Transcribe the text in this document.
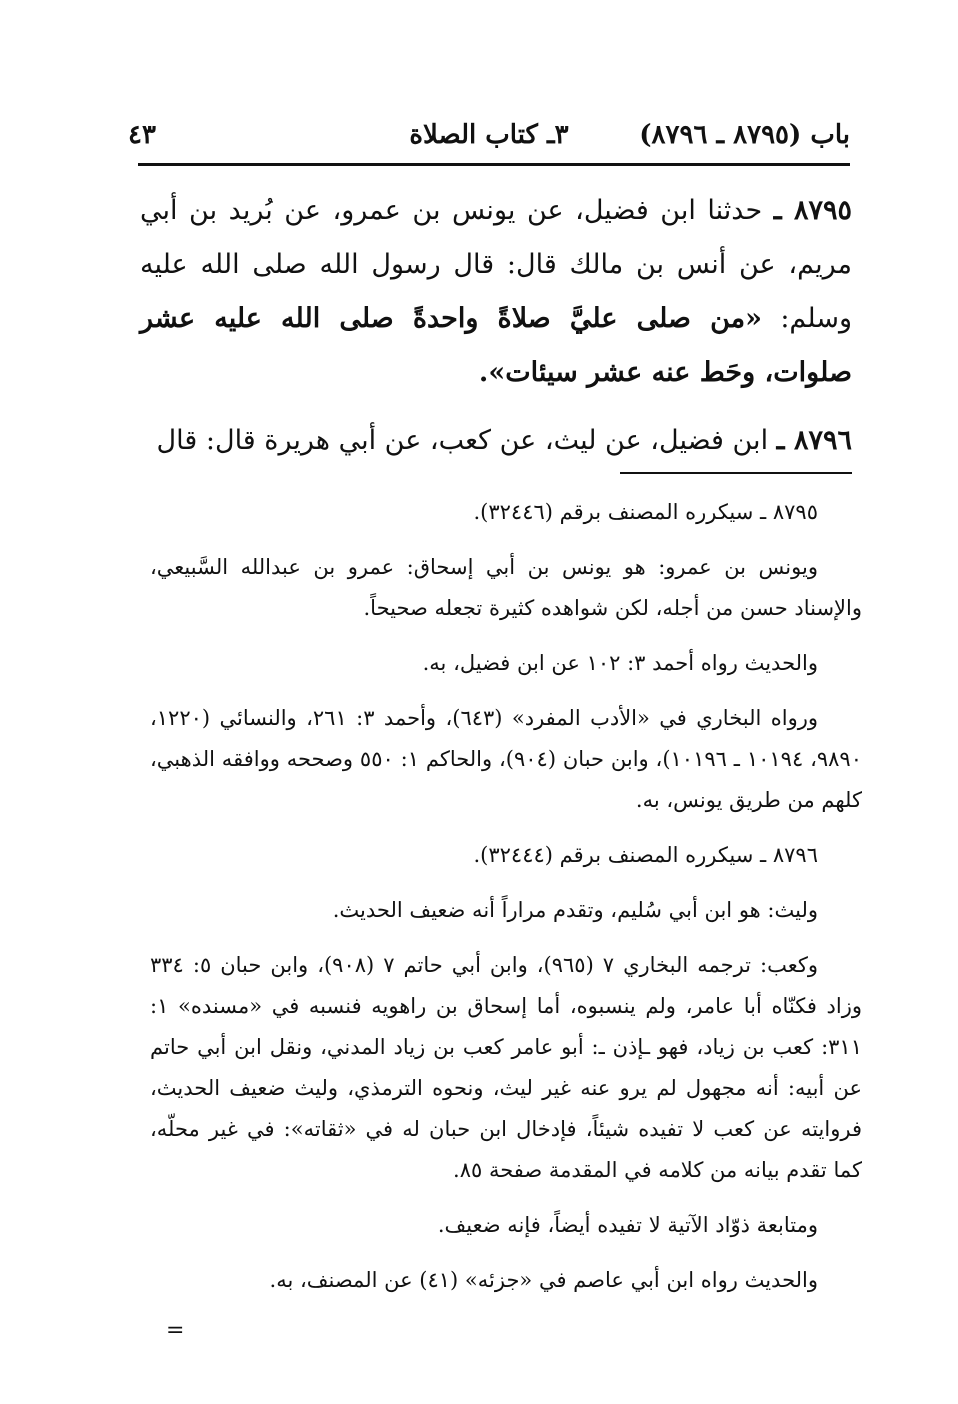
باب (٨٧٩٥ ـ ٨٧٩٦)
٣ـ كتاب الصلاة
٤٣

٨٧٩٥ ـ حدثنا ابن فضيل، عن يونس بن عمرو، عن بُريد بن أبي مريم، عن أنس بن مالك قال: قال رسول الله صلى الله عليه وسلم: «من صلى عليَّ صلاةً واحدةً صلى الله عليه عشر صلوات، وحَط عنه عشر سيئات».

٨٧٩٦ ـ ابن فضيل، عن ليث، عن كعب، عن أبي هريرة قال: قال

٨٧٩٥ ـ سيكرره المصنف برقم (٣٢٤٤٦).

ويونس بن عمرو: هو يونس بن أبي إسحاق: عمرو بن عبدالله السَّبيعي، والإسناد حسن من أجله، لكن شواهده كثيرة تجعله صحيحاً.

والحديث رواه أحمد ٣: ١٠٢ عن ابن فضيل، به.

ورواه البخاري في «الأدب المفرد» (٦٤٣)، وأحمد ٣: ٢٦١، والنسائي (١٢٢٠، ٩٨٩٠، ١٠١٩٤ ـ ١٠١٩٦)، وابن حبان (٩٠٤)، والحاكم ١: ٥٥٠ وصححه ووافقه الذهبي، كلهم من طريق يونس، به.

٨٧٩٦ ـ سيكرره المصنف برقم (٣٢٤٤٤).

وليث: هو ابن أبي سُليم، وتقدم مراراً أنه ضعيف الحديث.

وكعب: ترجمه البخاري ٧ (٩٦٥)، وابن أبي حاتم ٧ (٩٠٨)، وابن حبان ٥: ٣٣٤ وزاد فكنّاه أبا عامر، ولم ينسبوه، أما إسحاق بن راهويه فنسبه في «مسنده» ١: ٣١١: كعب بن زياد، فهو ـإذن ـ: أبو عامر كعب بن زياد المدني، ونقل ابن أبي حاتم عن أبيه: أنه مجهول لم يرو عنه غير ليث، ونحوه الترمذي، وليث ضعيف الحديث، فروايته عن كعب لا تفيده شيئاً، فإدخال ابن حبان له في «ثقاته»: في غير محلّه، كما تقدم بيانه من كلامه في المقدمة صفحة ٨٥.

ومتابعة ذوّاد الآتية لا تفيده أيضاً، فإنه ضعيف.

والحديث رواه ابن أبي عاصم في «جزئه» (٤١) عن المصنف، به.

=
